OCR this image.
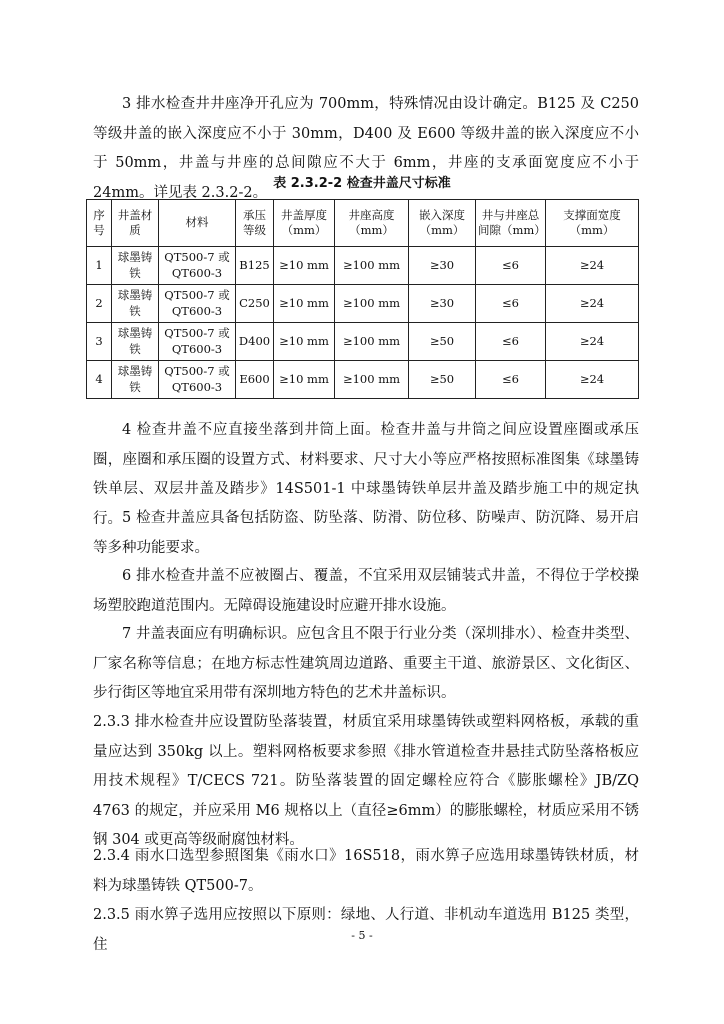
3 排水检查井井座净开孔应为 700mm，特殊情况由设计确定。B125 及 C250 等级井盖的嵌入深度应不小于 30mm，D400 及 E600 等级井盖的嵌入深度应不小于 50mm，井盖与井座的总间隙应不大于 6mm，井座的支承面宽度应不小于 24mm。详见表 2.3.2-2。

表 2.3.2-2 检查井盖尺寸标准
序号	井盖材质	材料	承压等级	井盖厚度（mm）	井座高度（mm）	嵌入深度（mm）	井与井座总间隙（mm）	支撑面宽度（mm）
1	球墨铸铁	QT500-7 或 QT600-3	B125	≥10 mm	≥100 mm	≥30	≤6	≥24
2	球墨铸铁	QT500-7 或 QT600-3	C250	≥10 mm	≥100 mm	≥30	≤6	≥24
3	球墨铸铁	QT500-7 或 QT600-3	D400	≥10 mm	≥100 mm	≥50	≤6	≥24
4	球墨铸铁	QT500-7 或 QT600-3	E600	≥10 mm	≥100 mm	≥50	≤6	≥24

4 检查井盖不应直接坐落到井筒上面。检查井盖与井筒之间应设置座圈或承压圈，座圈和承压圈的设置方式、材料要求、尺寸大小等应严格按照标准图集《球墨铸铁单层、双层井盖及踏步》14S501-1 中球墨铸铁单层井盖及踏步施工中的规定执行。 5 检查井盖应具备包括防盗、防坠落、防滑、防位移、防噪声、防沉降、易开启等多种功能要求。

6 排水检查井盖不应被圈占、覆盖，不宜采用双层铺装式井盖，不得位于学校操场塑胶跑道范围内。无障碍设施建设时应避开排水设施。

7 井盖表面应有明确标识。应包含且不限于行业分类（深圳排水）、检查井类型、厂家名称等信息；在地方标志性建筑周边道路、重要主干道、旅游景区、文化街区、步行街区等地宜采用带有深圳地方特色的艺术井盖标识。

2.3.3 排水检查井应设置防坠落装置，材质宜采用球墨铸铁或塑料网格板，承载的重量应达到 350kg 以上。塑料网格板要求参照《排水管道检查井悬挂式防坠落格板应用技术规程》T/CECS 721。防坠落装置的固定螺栓应符合《膨胀螺栓》JB/ZQ 4763 的规定，并应采用 M6 规格以上（直径≥6mm）的膨胀螺栓，材质应采用不锈钢 304 或更高等级耐腐蚀材料。

2.3.4 雨水口选型参照图集《雨水口》16S518，雨水箅子应选用球墨铸铁材质，材料为球墨铸铁 QT500-7。

2.3.5 雨水箅子选用应按照以下原则：绿地、人行道、非机动车道选用 B125 类型，住

- 5 -
